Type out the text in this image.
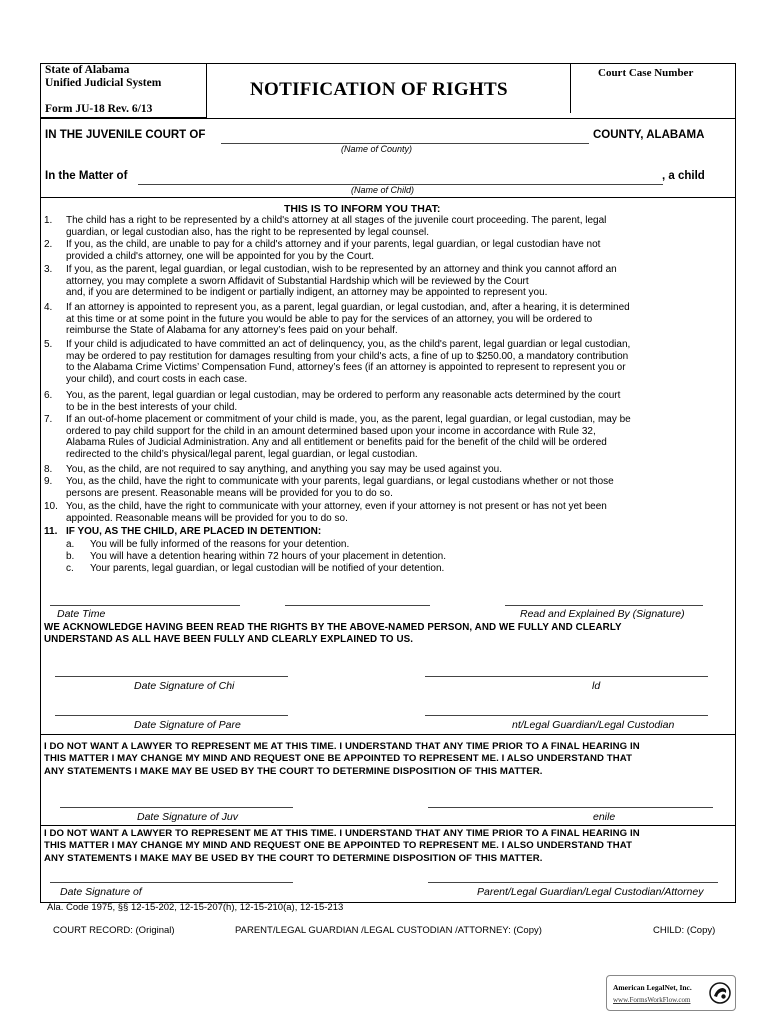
State of Alabama
Unified Judicial System
Form JU-18 Rev. 6/13
NOTIFICATION OF RIGHTS
Court Case Number
IN THE JUVENILE COURT OF	COUNTY, ALABAMA
(Name of County)
In the Matter of	, a child
(Name of Child)
THIS IS TO INFORM YOU THAT:
1. The child has a right to be represented by a child's attorney at all stages of the juvenile court proceeding. The parent, legal
guardian, or legal custodian also, has the right to be represented by legal counsel.
2. If you, as the child, are unable to pay for a child's attorney and if your parents, legal guardian, or legal custodian have not
provided a child's attorney, one will be appointed for you by the Court.
3. If you, as the parent, legal guardian, or legal custodian, wish to be represented by an attorney and think you cannot afford an
attorney, you may complete a sworn Affidavit of Substantial Hardship which will be reviewed by the Court
and, if you are determined to be indigent or partially indigent, an attorney may be appointed to represent you.
4. If an attorney is appointed to represent you, as a parent, legal guardian, or legal custodian, and, after a hearing, it is determined
at this time or at some point in the future you would be able to pay for the services of an attorney, you will be ordered to
reimburse the State of Alabama for any attorney’s fees paid on your behalf.
5. If your child is adjudicated to have committed an act of delinquency, you, as the child's parent, legal guardian or legal custodian,
may be ordered to pay restitution for damages resulting from your child's acts, a fine of up to $250.00, a mandatory contribution
to the Alabama Crime Victims’ Compensation Fund, attorney’s fees (if an attorney is appointed to represent to represent you or
your child), and court costs in each case.
6. You, as the parent, legal guardian or legal custodian, may be ordered to perform any reasonable acts determined by the court
to be in the best interests of your child.
7. If an out-of-home placement or commitment of your child is made, you, as the parent, legal guardian, or legal custodian, may be
ordered to pay child support for the child in an amount determined based upon your income in accordance with Rule 32,
Alabama Rules of Judicial Administration. Any and all entitlement or benefits paid for the benefit of the child will be ordered
redirected to the child’s physical/legal parent, legal guardian, or legal custodian.
8. You, as the child, are not required to say anything, and anything you say may be used against you.
9. You, as the child, have the right to communicate with your parents, legal guardians, or legal custodians whether or not those
persons are present. Reasonable means will be provided for you to do so.
10. You, as the child, have the right to communicate with your attorney, even if your attorney is not present or has not yet been
appointed. Reasonable means will be provided for you to do so.
11. IF YOU, AS THE CHILD, ARE PLACED IN DETENTION:
a. You will be fully informed of the reasons for your detention.
b. You will have a detention hearing within 72 hours of your placement in detention.
c. Your parents, legal guardian, or legal custodian will be notified of your detention.
Date Time	Read and Explained By (Signature)
WE ACKNOWLEDGE HAVING BEEN READ THE RIGHTS BY THE ABOVE-NAMED PERSON, AND WE FULLY AND CLEARLY
UNDERSTAND AS ALL HAVE BEEN FULLY AND CLEARLY EXPLAINED TO US.
Date Signature of Chi	ld
Date Signature of Pare	nt/Legal Guardian/Legal Custodian
I DO NOT WANT A LAWYER TO REPRESENT ME AT THIS TIME. I UNDERSTAND THAT ANY TIME PRIOR TO A FINAL HEARING IN
THIS MATTER I MAY CHANGE MY MIND AND REQUEST ONE BE APPOINTED TO REPRESENT ME. I ALSO UNDERSTAND THAT
ANY STATEMENTS I MAKE MAY BE USED BY THE COURT TO DETERMINE DISPOSITION OF THIS MATTER.
Date Signature of Juv	enile
I DO NOT WANT A LAWYER TO REPRESENT ME AT THIS TIME. I UNDERSTAND THAT ANY TIME PRIOR TO A FINAL HEARING IN
THIS MATTER I MAY CHANGE MY MIND AND REQUEST ONE BE APPOINTED TO REPRESENT ME. I ALSO UNDERSTAND THAT
ANY STATEMENTS I MAKE MAY BE USED BY THE COURT TO DETERMINE DISPOSITION OF THIS MATTER.
Date Signature of	Parent/Legal Guardian/Legal Custodian/Attorney
Ala. Code 1975, §§ 12-15-202, 12-15-207(h), 12-15-210(a), 12-15-213
COURT RECORD: (Original)	PARENT/LEGAL GUARDIAN /LEGAL CUSTODIAN /ATTORNEY: (Copy)	CHILD: (Copy)
American LegalNet, Inc.
www.FormsWorkFlow.com
